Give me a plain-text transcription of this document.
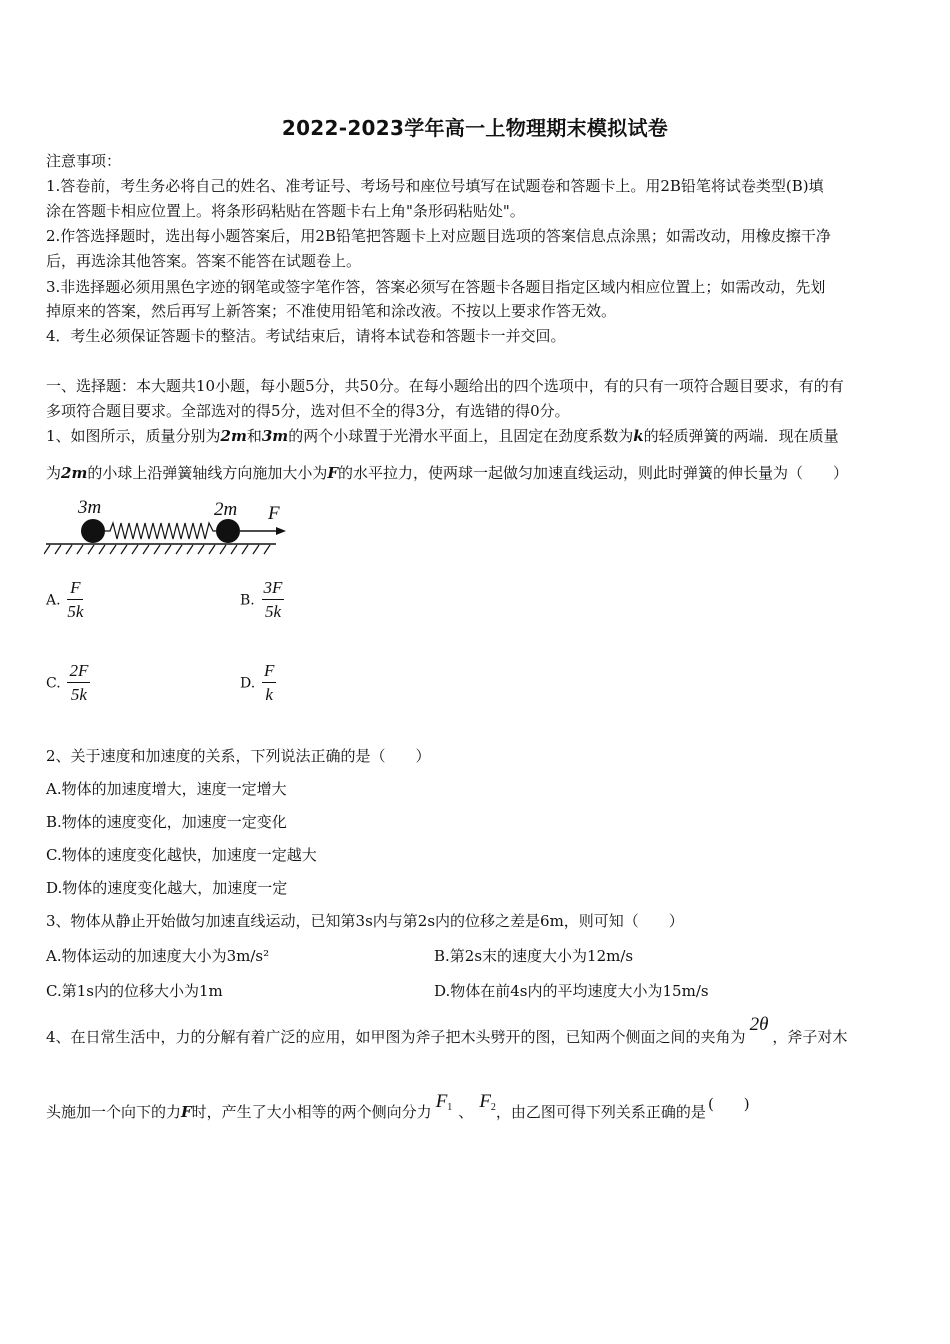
2022-2023学年高一上物理期末模拟试卷
注意事项：
1.答卷前，考生务必将自己的姓名、准考证号、考场号和座位号填写在试题卷和答题卡上。用2B铅笔将试卷类型(B)填
涂在答题卡相应位置上。将条形码粘贴在答题卡右上角"条形码粘贴处"。
2.作答选择题时，选出每小题答案后，用2B铅笔把答题卡上对应题目选项的答案信息点涂黑；如需改动，用橡皮擦干净
后，再选涂其他答案。答案不能答在试题卷上。
3.非选择题必须用黑色字迹的钢笔或签字笔作答，答案必须写在答题卡各题目指定区域内相应位置上；如需改动，先划
掉原来的答案，然后再写上新答案；不准使用铅笔和涂改液。不按以上要求作答无效。
4．考生必须保证答题卡的整洁。考试结束后，请将本试卷和答题卡一并交回。
一、选择题：本大题共10小题，每小题5分，共50分。在每小题给出的四个选项中，有的只有一项符合题目要求，有的有
多项符合题目要求。全部选对的得5分，选对但不全的得3分，有选错的得0分。
1、如图所示，质量分别为2m和3m的两个小球置于光滑水平面上，且固定在劲度系数为k的轻质弹簧的两端．现在质量
为2m的小球上沿弹簧轴线方向施加大小为F的水平拉力，使两球一起做匀加速直线运动，则此时弹簧的伸长量为（　　）
3m	2m F
A. $\frac{F}{5k}$	B. $\frac{3F}{5k}$
C. $\frac{2F}{5k}$	D. $\frac{F}{k}$
2、关于速度和加速度的关系，下列说法正确的是（　　）
A.物体的加速度增大，速度一定增大
B.物体的速度变化，加速度一定变化
C.物体的速度变化越快，加速度一定越大
D.物体的速度变化越大，加速度一定
3、物体从静止开始做匀加速直线运动，已知第3s内与第2s内的位移之差是6m，则可知（　　）
A.物体运动的加速度大小为3m/s²	B.第2s末的速度大小为12m/s
C.第1s内的位移大小为1m	D.物体在前4s内的平均速度大小为15m/s
4、在日常生活中，力的分解有着广泛的应用，如甲图为斧子把木头劈开的图，已知两个侧面之间的夹角为2θ，斧子对木
头施加一个向下的力F时，产生了大小相等的两个侧向分力 $F_1$ 、 $F_2$，由乙图可得下列关系正确的是 (　　)
